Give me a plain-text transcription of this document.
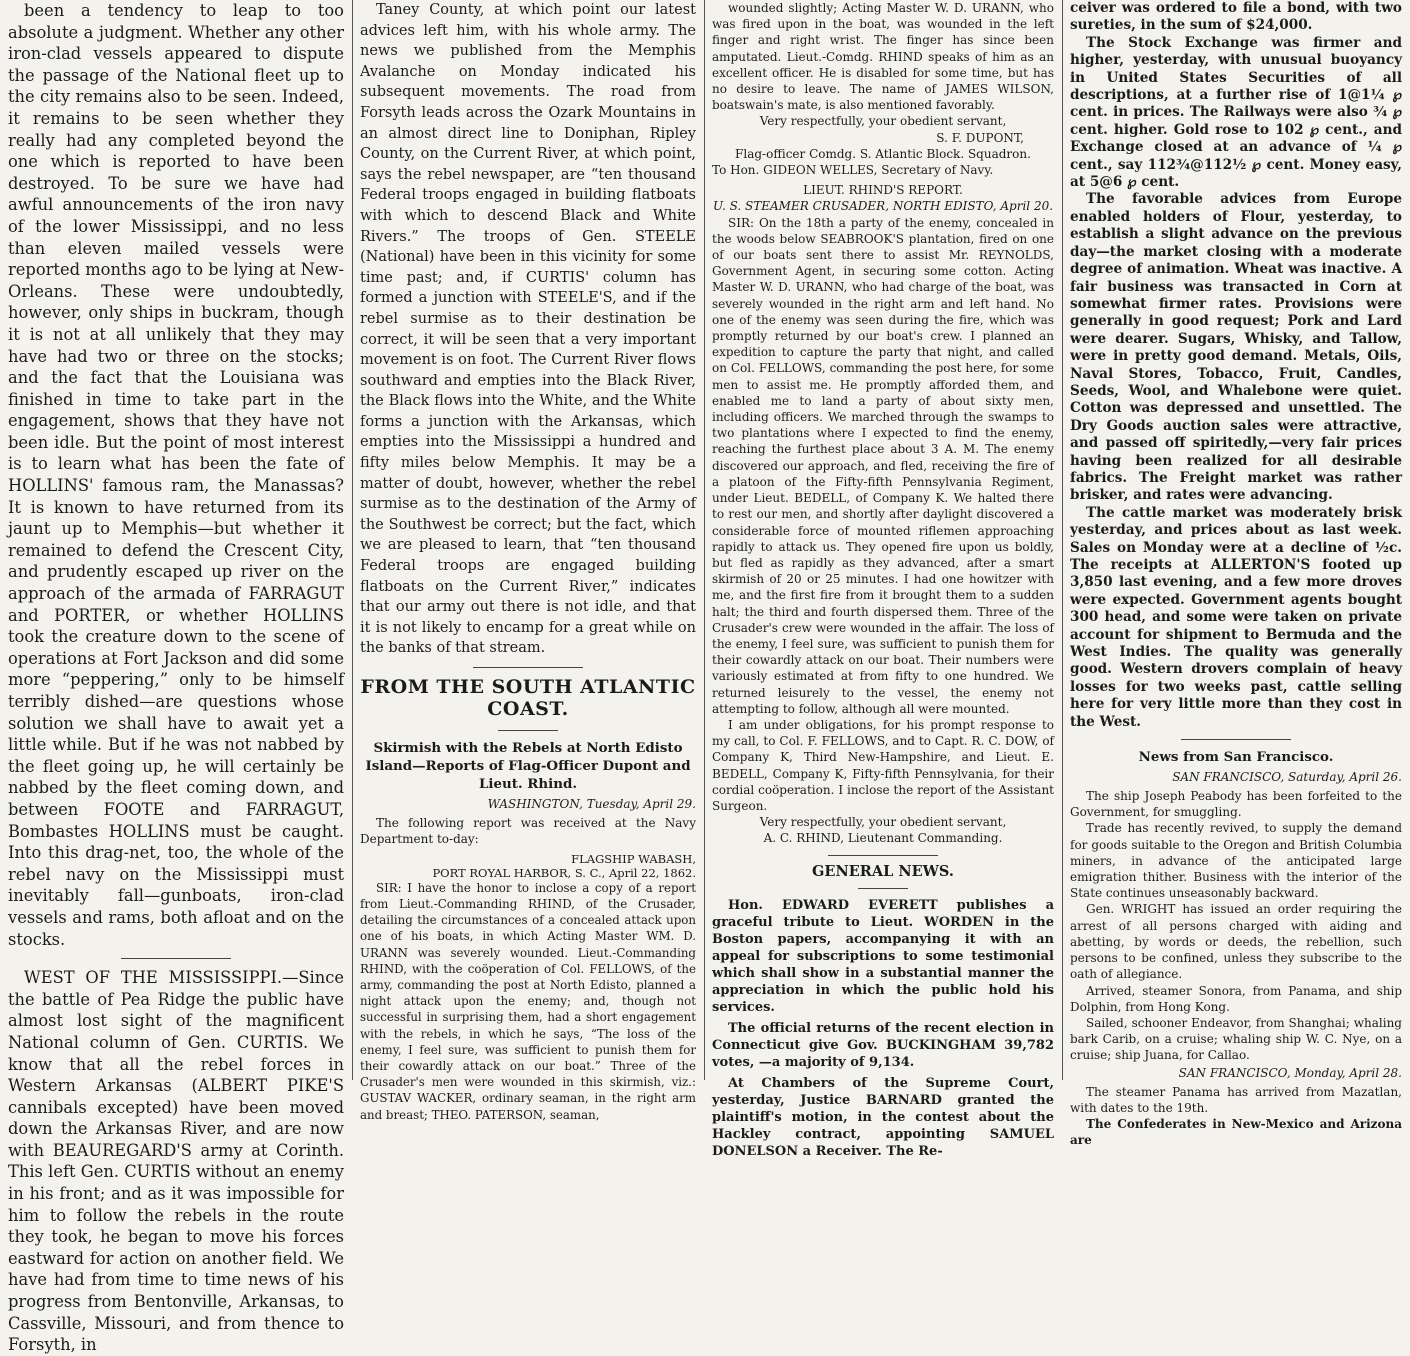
been a tendency to leap to too absolute a judgment. Whether any other iron-clad vessels appeared to dispute the passage of the National fleet up to the city remains also to be seen. Indeed, it remains to be seen whether they really had any completed beyond the one which is reported to have been destroyed. To be sure we have had awful announcements of the iron navy of the lower Mississippi, and no less than eleven mailed vessels were reported months ago to be lying at New-Orleans. These were undoubtedly, however, only ships in buckram, though it is not at all unlikely that they may have had two or three on the stocks; and the fact that the Louisiana was finished in time to take part in the engagement, shows that they have not been idle. But the point of most interest is to learn what has been the fate of HOLLINS' famous ram, the Manassas? It is known to have returned from its jaunt up to Memphis—but whether it remained to defend the Crescent City, and prudently escaped up river on the approach of the armada of FARRAGUT and PORTER, or whether HOLLINS took the creature down to the scene of operations at Fort Jackson and did some more “peppering,” only to be himself terribly dished—are questions whose solution we shall have to await yet a little while. But if he was not nabbed by the fleet going up, he will certainly be nabbed by the fleet coming down, and between FOOTE and FARRAGUT, Bombastes HOLLINS must be caught. Into this drag-net, too, the whole of the rebel navy on the Mississippi must inevitably fall—gunboats, iron-clad vessels and rams, both afloat and on the stocks.

WEST OF THE MISSISSIPPI.—Since the battle of Pea Ridge the public have almost lost sight of the magnificent National column of Gen. CURTIS. We know that all the rebel forces in Western Arkansas (ALBERT PIKE'S cannibals excepted) have been moved down the Arkansas River, and are now with BEAUREGARD'S army at Corinth. This left Gen. CURTIS without an enemy in his front; and as it was impossible for him to follow the rebels in the route they took, he began to move his forces eastward for action on another field. We have had from time to time news of his progress from Bentonville, Arkansas, to Cassville, Missouri, and from thence to Forsyth, in

Taney County, at which point our latest advices left him, with his whole army. The news we published from the Memphis Avalanche on Monday indicated his subsequent movements. The road from Forsyth leads across the Ozark Mountains in an almost direct line to Doniphan, Ripley County, on the Current River, at which point, says the rebel newspaper, are “ten thousand Federal troops engaged in building flatboats with which to descend Black and White Rivers.” The troops of Gen. STEELE (National) have been in this vicinity for some time past; and, if CURTIS' column has formed a junction with STEELE'S, and if the rebel surmise as to their destination be correct, it will be seen that a very important movement is on foot. The Current River flows southward and empties into the Black River, the Black flows into the White, and the White forms a junction with the Arkansas, which empties into the Mississippi a hundred and fifty miles below Memphis. It may be a matter of doubt, however, whether the rebel surmise as to the destination of the Army of the Southwest be correct; but the fact, which we are pleased to learn, that “ten thousand Federal troops are engaged building flatboats on the Current River,” indicates that our army out there is not idle, and that it is not likely to encamp for a great while on the banks of that stream.

FROM THE SOUTH ATLANTIC COAST.
Skirmish with the Rebels at North Edisto Island—Reports of Flag-Officer Dupont and Lieut. Rhind.
WASHINGTON, Tuesday, April 29.

The following report was received at the Navy Department to-day:

FLAGSHIP WABASH,
PORT ROYAL HARBOR, S. C., April 22, 1862.

SIR: I have the honor to inclose a copy of a report from Lieut.-Commanding RHIND, of the Crusader, detailing the circumstances of a concealed attack upon one of his boats, in which Acting Master WM. D. URANN was severely wounded. Lieut.-Commanding RHIND, with the coöperation of Col. FELLOWS, of the army, commanding the post at North Edisto, planned a night attack upon the enemy; and, though not successful in surprising them, had a short engagement with the rebels, in which he says, “The loss of the enemy, I feel sure, was sufficient to punish them for their cowardly attack on our boat.” Three of the Crusader's men were wounded in this skirmish, viz.: GUSTAV WACKER, ordinary seaman, in the right arm and breast; THEO. PATERSON, seaman,

wounded slightly; Acting Master W. D. URANN, who was fired upon in the boat, was wounded in the left finger and right wrist. The finger has since been amputated. Lieut.-Comdg. RHIND speaks of him as an excellent officer. He is disabled for some time, but has no desire to leave. The name of JAMES WILSON, boatswain's mate, is also mentioned favorably.

Very respectfully, your obedient servant,
S. F. DUPONT,
Flag-officer Comdg. S. Atlantic Block. Squadron.
To Hon. GIDEON WELLES, Secretary of Navy.
LIEUT. RHIND'S REPORT.
U. S. STEAMER CRUSADER, NORTH EDISTO, April 20.

SIR: On the 18th a party of the enemy, concealed in the woods below SEABROOK'S plantation, fired on one of our boats sent there to assist Mr. REYNOLDS, Government Agent, in securing some cotton. Acting Master W. D. URANN, who had charge of the boat, was severely wounded in the right arm and left hand. No one of the enemy was seen during the fire, which was promptly returned by our boat's crew. I planned an expedition to capture the party that night, and called on Col. FELLOWS, commanding the post here, for some men to assist me. He promptly afforded them, and enabled me to land a party of about sixty men, including officers. We marched through the swamps to two plantations where I expected to find the enemy, reaching the furthest place about 3 A. M. The enemy discovered our approach, and fled, receiving the fire of a platoon of the Fifty-fifth Pennsylvania Regiment, under Lieut. BEDELL, of Company K. We halted there to rest our men, and shortly after daylight discovered a considerable force of mounted riflemen approaching rapidly to attack us. They opened fire upon us boldly, but fled as rapidly as they advanced, after a smart skirmish of 20 or 25 minutes. I had one howitzer with me, and the first fire from it brought them to a sudden halt; the third and fourth dispersed them. Three of the Crusader's crew were wounded in the affair. The loss of the enemy, I feel sure, was sufficient to punish them for their cowardly attack on our boat. Their numbers were variously estimated at from fifty to one hundred. We returned leisurely to the vessel, the enemy not attempting to follow, although all were mounted.

I am under obligations, for his prompt response to my call, to Col. F. FELLOWS, and to Capt. R. C. DOW, of Company K, Third New-Hampshire, and Lieut. E. BEDELL, Company K, Fifty-fifth Pennsylvania, for their cordial coöperation. I inclose the report of the Assistant Surgeon.

Very respectfully, your obedient servant,
A. C. RHIND, Lieutenant Commanding.
GENERAL NEWS.

Hon. EDWARD EVERETT publishes a graceful tribute to Lieut. WORDEN in the Boston papers, accompanying it with an appeal for subscriptions to some testimonial which shall show in a substantial manner the appreciation in which the public hold his services.

The official returns of the recent election in Connecticut give Gov. BUCKINGHAM 39,782 votes, —a majority of 9,134.

At Chambers of the Supreme Court, yesterday, Justice BARNARD granted the plaintiff's motion, in the contest about the Hackley contract, appointing SAMUEL DONELSON a Receiver. The Re-

ceiver was ordered to file a bond, with two sureties, in the sum of $24,000.

The Stock Exchange was firmer and higher, yesterday, with unusual buoyancy in United States Securities of all descriptions, at a further rise of 1@1¼ ℘ cent. in prices. The Railways were also ¾ ℘ cent. higher. Gold rose to 102 ℘ cent., and Exchange closed at an advance of ¼ ℘ cent., say 112¾@112½ ℘ cent. Money easy, at 5@6 ℘ cent.

The favorable advices from Europe enabled holders of Flour, yesterday, to establish a slight advance on the previous day—the market closing with a moderate degree of animation. Wheat was inactive. A fair business was transacted in Corn at somewhat firmer rates. Provisions were generally in good request; Pork and Lard were dearer. Sugars, Whisky, and Tallow, were in pretty good demand. Metals, Oils, Naval Stores, Tobacco, Fruit, Candles, Seeds, Wool, and Whalebone were quiet. Cotton was depressed and unsettled. The Dry Goods auction sales were attractive, and passed off spiritedly,—very fair prices having been realized for all desirable fabrics. The Freight market was rather brisker, and rates were advancing.

The cattle market was moderately brisk yesterday, and prices about as last week. Sales on Monday were at a decline of ½c. The receipts at ALLERTON'S footed up 3,850 last evening, and a few more droves were expected. Government agents bought 300 head, and some were taken on private account for shipment to Bermuda and the West Indies. The quality was generally good. Western drovers complain of heavy losses for two weeks past, cattle selling here for very little more than they cost in the West.

News from San Francisco.
SAN FRANCISCO, Saturday, April 26.

The ship Joseph Peabody has been forfeited to the Government, for smuggling.

Trade has recently revived, to supply the demand for goods suitable to the Oregon and British Columbia miners, in advance of the anticipated large emigration thither. Business with the interior of the State continues unseasonably backward.

Gen. WRIGHT has issued an order requiring the arrest of all persons charged with aiding and abetting, by words or deeds, the rebellion, such persons to be confined, unless they subscribe to the oath of allegiance.

Arrived, steamer Sonora, from Panama, and ship Dolphin, from Hong Kong.

Sailed, schooner Endeavor, from Shanghai; whaling bark Carib, on a cruise; whaling ship W. C. Nye, on a cruise; ship Juana, for Callao.

SAN FRANCISCO, Monday, April 28.

The steamer Panama has arrived from Mazatlan, with dates to the 19th.

The Confederates in New-Mexico and Arizona are
